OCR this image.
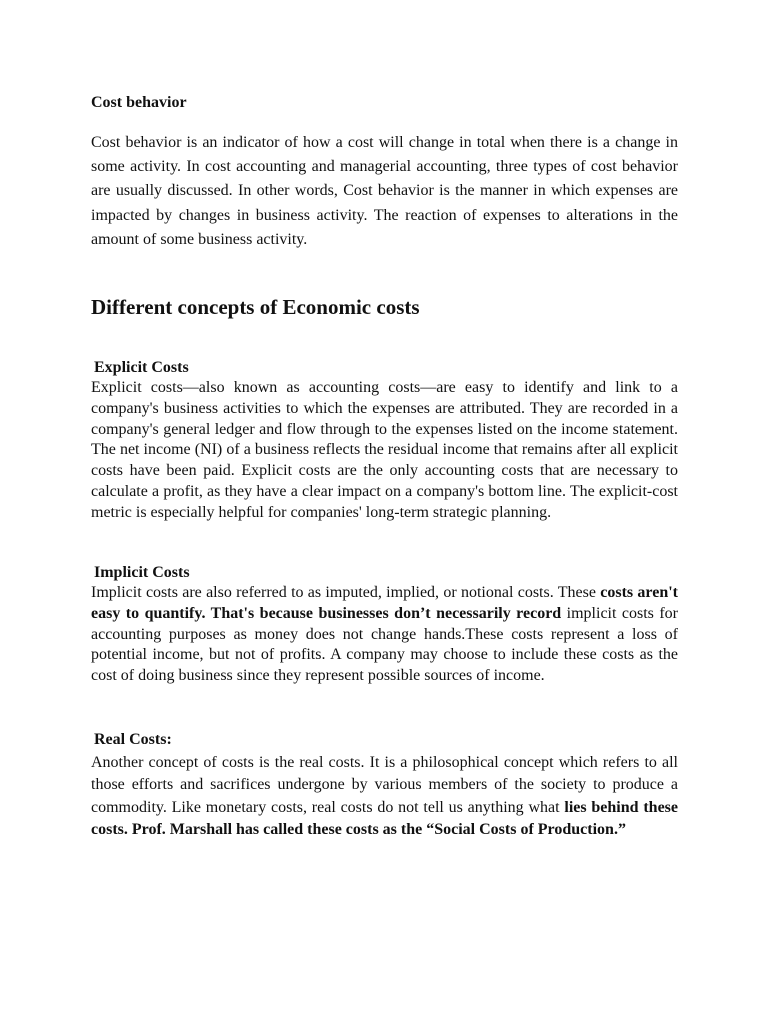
Cost behavior

Cost behavior is an indicator of how a cost will change in total when there is a change in some activity. In cost accounting and managerial accounting, three types of cost behavior are usually discussed. In other words, Cost behavior is the manner in which expenses are impacted by changes in business activity. The reaction of expenses to alterations in the amount of some business activity.

Different concepts of Economic costs
Explicit Costs

Explicit costs—also known as accounting costs—are easy to identify and link to a company's business activities to which the expenses are attributed. They are recorded in a company's general ledger and flow through to the expenses listed on the income statement. The net income (NI) of a business reflects the residual income that remains after all explicit costs have been paid. Explicit costs are the only accounting costs that are necessary to calculate a profit, as they have a clear impact on a company's bottom line. The explicit-cost metric is especially helpful for companies' long-term strategic planning.

Implicit Costs

Implicit costs are also referred to as imputed, implied, or notional costs. These costs aren't easy to quantify. That's because businesses don’t necessarily record implicit costs for accounting purposes as money does not change hands.These costs represent a loss of potential income, but not of profits. A company may choose to include these costs as the cost of doing business since they represent possible sources of income.

Real Costs:

Another concept of costs is the real costs. It is a philosophical concept which refers to all those efforts and sacrifices undergone by various members of the society to produce a commodity. Like monetary costs, real costs do not tell us anything what lies behind these costs. Prof. Marshall has called these costs as the “Social Costs of Production.”
